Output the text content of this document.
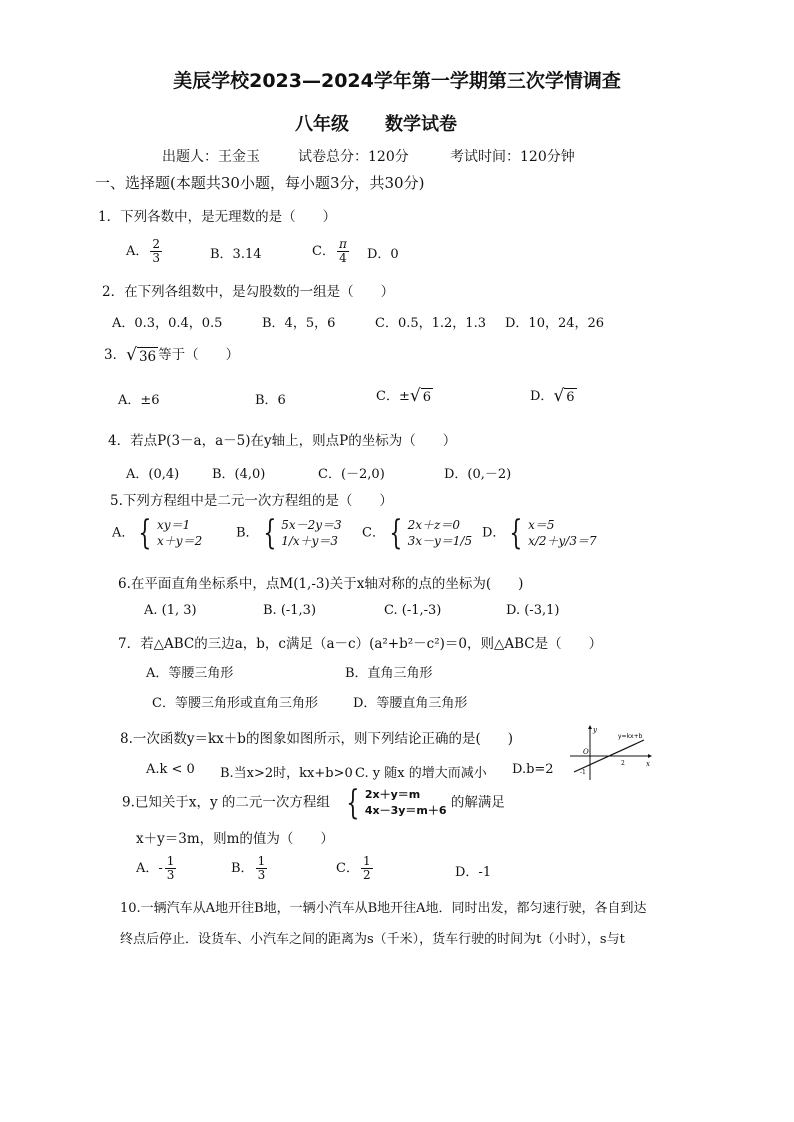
美辰学校2023—2024学年第一学期第三次学情调查
八年级 数学试卷
出题人：王金玉	试卷总分：120分	考试时间：120分钟
一、选择题(本题共30小题，每小题3分，共30分)
1．下列各数中，是无理数的是（　　）
A． $\frac{2}{3}$	B．3.14	C． $\frac{\pi}{4}$ D．0
2．在下列各组数中，是勾股数的一组是（　　）
A．0.3，0.4，0.5	B．4，5，6	C．0.5，1.2，1.3 D．10，24，26
3． √ 36 等于（　　）
A．±6	B．6	C．± √ 6	D． √ 6
4．若点P(3－a，a－5)在y轴上，则点P的坐标为（　　）
A．(0,4)	B．(4,0)	C．(－2,0)	D．(0,－2)
5.下列方程组中是二元一次方程组的是（　　）
A． { xy＝1
x＋y＝2
B． { 5x－2y＝3
1/x＋y＝3
C． { 2x＋z＝0
3x－y＝1/5
D． { x＝5
x/2＋y/3＝7
6.在平面直角坐标系中，点M(1,-3)关于x轴对称的点的坐标为(　　)
A. (1, 3)	B. (-1,3)	C. (-1,-3)	D. (-3,1)
7．若△ABC的三边a，b，c满足（a－c）(a²+b²－c²)＝0，则△ABC是（　　）
A．等腰三角形	B．直角三角形
C．等腰三角形或直角三角形	D．等腰直角三角形
8.一次函数y＝kx＋b的图象如图所示，则下列结论正确的是(　　)
A.k < 0 B.当x>2时，kx+b>0 C. y 随x 的增大而减小 D.b=2
y=kx+b
O
x
y
2
-1
9.已知关于x，y 的二元一次方程组 { 2x＋y＝m
4x－3y＝m＋6 的解满足
x＋y＝3m，则m的值为（　　）
A．- $\frac{1}{3}$	B． $\frac{1}{3}$	C． $\frac{1}{2}$	D．-1
10.一辆汽车从A地开往B地，一辆小汽车从B地开往A地．同时出发，都匀速行驶，各自到达
终点后停止．设货车、小汽车之间的距离为s（千米），货车行驶的时间为t（小时），s与t
